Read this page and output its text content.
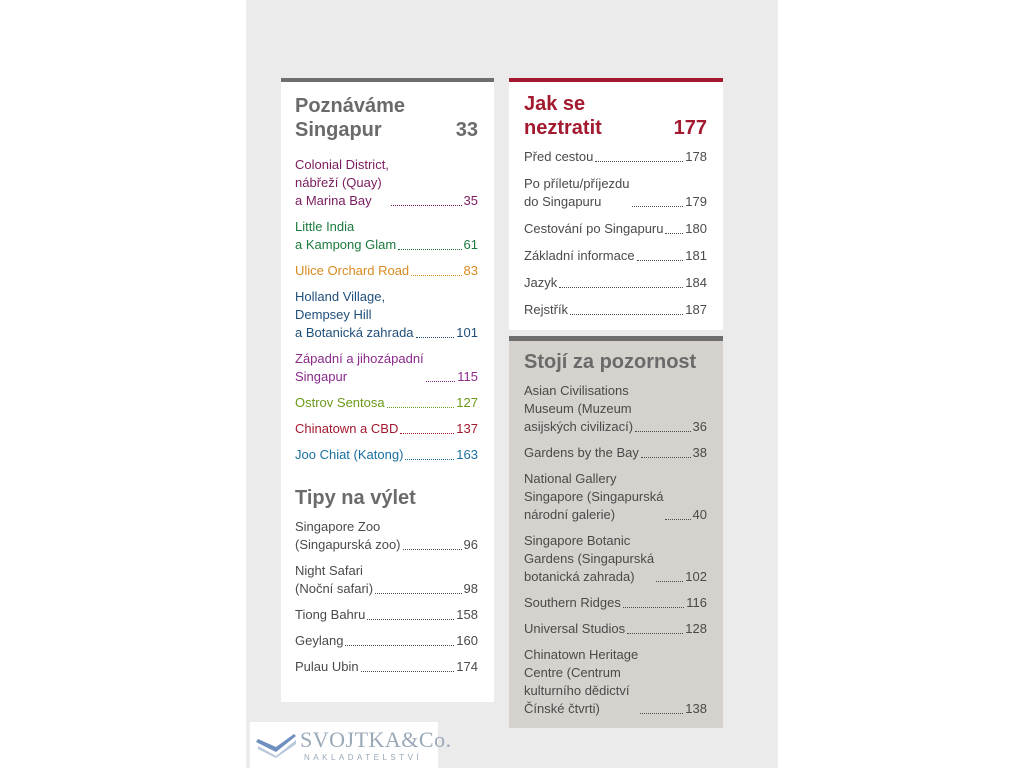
Poznáváme
Singapur	33
Colonial District,
nábřeží (Quay)
a Marina Bay	35
Little India
a Kampong Glam	61
Ulice Orchard Road	83
Holland Village,
Dempsey Hill
a Botanická zahrada	101
Západní a jihozápadní
Singapur	115
Ostrov Sentosa	127
Chinatown a CBD	137
Joo Chiat (Katong)	163
Tipy na výlet
Singapore Zoo
(Singapurská zoo)	96
Night Safari
(Noční safari)	98
Tiong Bahru	158
Geylang	160
Pulau Ubin	174
Jak se
neztratit	177
Před cestou	178
Po příletu/příjezdu
do Singapuru	179
Cestování po Singapuru 180
Základní informace	181
Jazyk	184
Rejstřík	187
Stojí za pozornost
Asian Civilisations
Museum (Muzeum
asijských civilizací)	36
Gardens by the Bay	38
National Gallery
Singapore (Singapurská
národní galerie)	40
Singapore Botanic
Gardens (Singapurská
botanická zahrada)	102
Southern Ridges	116
Universal Studios	128
Chinatown Heritage
Centre (Centrum
kulturního dědictví
Čínské čtvrti)	138
SVOJTKA&Co.
NAKLADATELSTVÍ
